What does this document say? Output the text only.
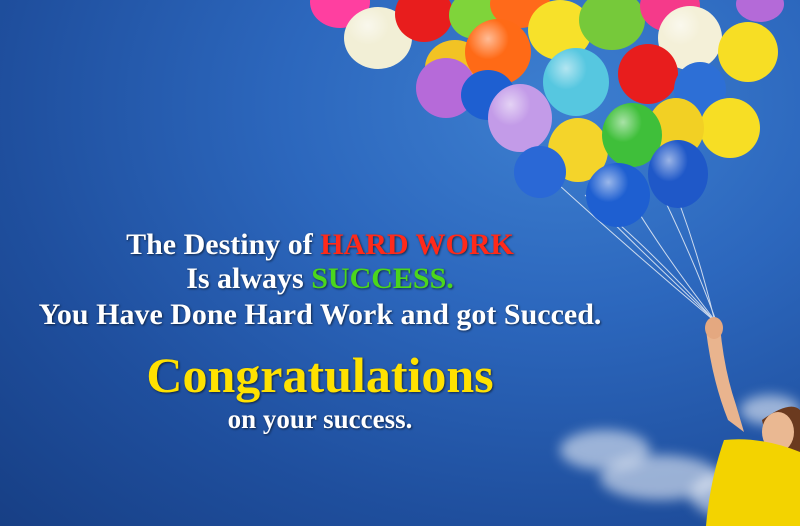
The Destiny of HARD WORK
Is always SUCCESS.
You Have Done Hard Work and got Succed.
Congratulations
on your success.
